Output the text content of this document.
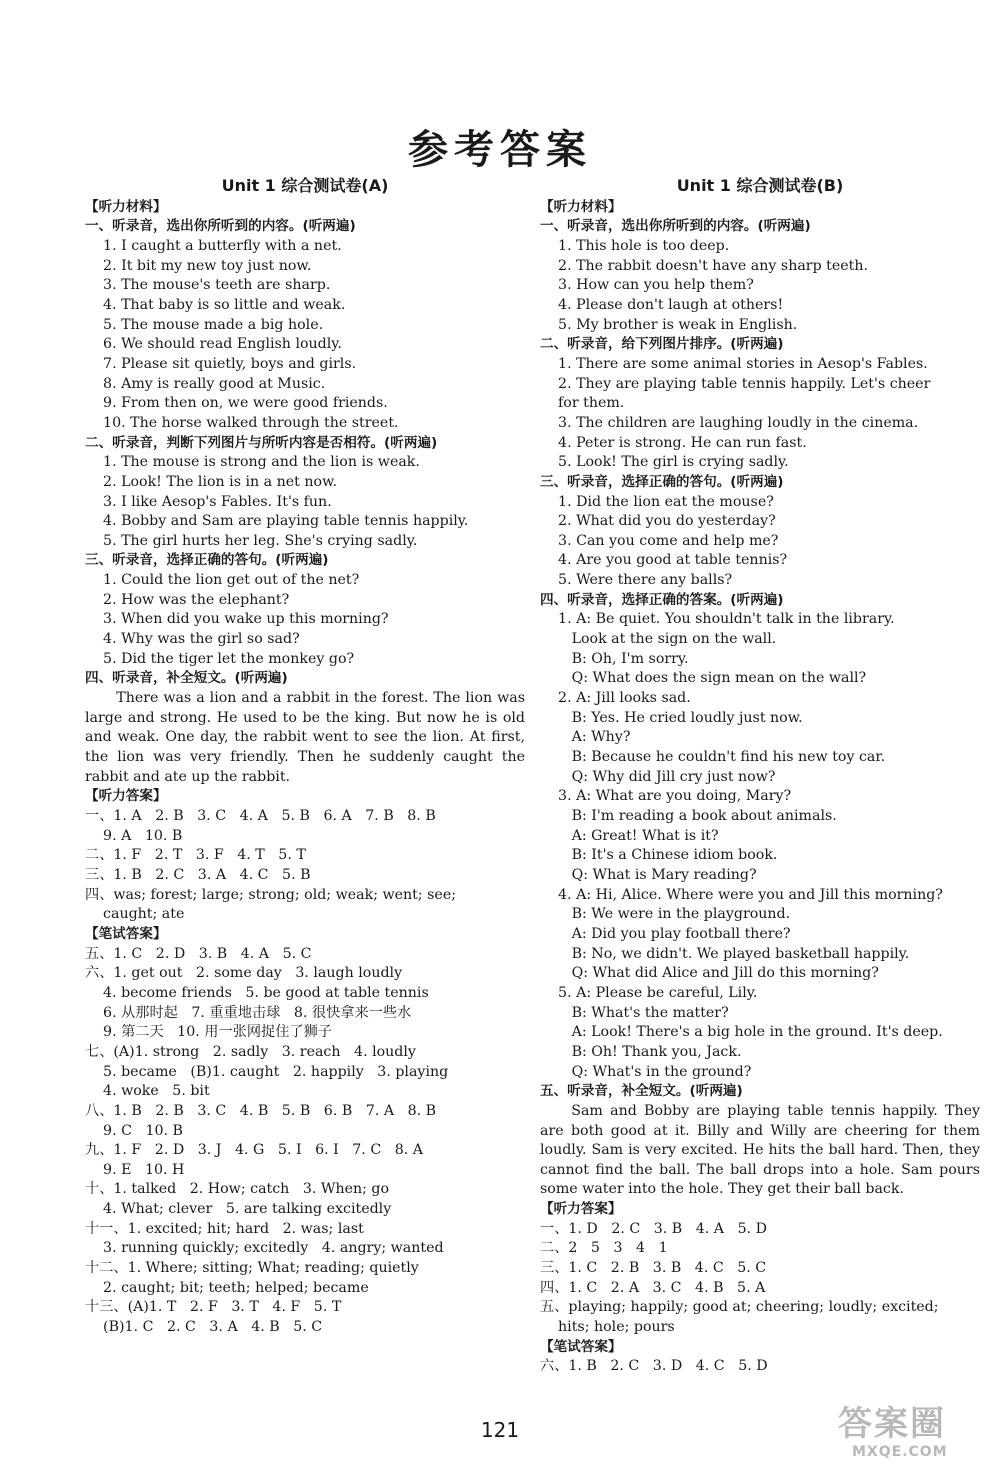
参考答案
Unit 1 综合测试卷(A)
【听力材料】
一、听录音，选出你所听到的内容。(听两遍)
1. I caught a butterfly with a net.
2. It bit my new toy just now.
3. The mouse's teeth are sharp.
4. That baby is so little and weak.
5. The mouse made a big hole.
6. We should read English loudly.
7. Please sit quietly, boys and girls.
8. Amy is really good at Music.
9. From then on, we were good friends.
10. The horse walked through the street.
二、听录音，判断下列图片与所听内容是否相符。(听两遍)
1. The mouse is strong and the lion is weak.
2. Look! The lion is in a net now.
3. I like Aesop's Fables. It's fun.
4. Bobby and Sam are playing table tennis happily.
5. The girl hurts her leg. She's crying sadly.
三、听录音，选择正确的答句。(听两遍)
1. Could the lion get out of the net?
2. How was the elephant?
3. When did you wake up this morning?
4. Why was the girl so sad?
5. Did the tiger let the monkey go?
四、听录音，补全短文。(听两遍)
There was a lion and a rabbit in the forest. The lion was large and strong. He used to be the king. But now he is old and weak. One day, the rabbit went to see the lion. At first, the lion was very friendly. Then he suddenly caught the rabbit and ate up the rabbit.
【听力答案】
一、1. A   2. B   3. C   4. A   5. B   6. A   7. B   8. B
9. A   10. B
二、1. F   2. T   3. F   4. T   5. T
三、1. B   2. C   3. A   4. C   5. B
四、was; forest; large; strong; old; weak; went; see;
caught; ate
【笔试答案】
五、1. C   2. D   3. B   4. A   5. C
六、1. get out   2. some day   3. laugh loudly
4. become friends   5. be good at table tennis
6. 从那时起   7. 重重地击球   8. 很快拿来一些水
9. 第二天   10. 用一张网捉住了狮子
七、(A)1. strong   2. sadly   3. reach   4. loudly
5. became   (B)1. caught   2. happily   3. playing
4. woke   5. bit
八、1. B   2. B   3. C   4. B   5. B   6. B   7. A   8. B
9. C   10. B
九、1. F   2. D   3. J   4. G   5. I   6. I   7. C   8. A
9. E   10. H
十、1. talked   2. How; catch   3. When; go
4. What; clever   5. are talking excitedly
十一、1. excited; hit; hard   2. was; last
3. running quickly; excitedly   4. angry; wanted
十二、1. Where; sitting; What; reading; quietly
2. caught; bit; teeth; helped; became
十三、(A)1. T   2. F   3. T   4. F   5. T
(B)1. C   2. C   3. A   4. B   5. C
Unit 1 综合测试卷(B)
【听力材料】
一、听录音，选出你所听到的内容。(听两遍)
1. This hole is too deep.
2. The rabbit doesn't have any sharp teeth.
3. How can you help them?
4. Please don't laugh at others!
5. My brother is weak in English.
二、听录音，给下列图片排序。(听两遍)
1. There are some animal stories in Aesop's Fables.
2. They are playing table tennis happily. Let's cheer
for them.
3. The children are laughing loudly in the cinema.
4. Peter is strong. He can run fast.
5. Look! The girl is crying sadly.
三、听录音，选择正确的答句。(听两遍)
1. Did the lion eat the mouse?
2. What did you do yesterday?
3. Can you come and help me?
4. Are you good at table tennis?
5. Were there any balls?
四、听录音，选择正确的答案。(听两遍)
1. A: Be quiet. You shouldn't talk in the library.
Look at the sign on the wall.
B: Oh, I'm sorry.
Q: What does the sign mean on the wall?
2. A: Jill looks sad.
B: Yes. He cried loudly just now.
A: Why?
B: Because he couldn't find his new toy car.
Q: Why did Jill cry just now?
3. A: What are you doing, Mary?
B: I'm reading a book about animals.
A: Great! What is it?
B: It's a Chinese idiom book.
Q: What is Mary reading?
4. A: Hi, Alice. Where were you and Jill this morning?
B: We were in the playground.
A: Did you play football there?
B: No, we didn't. We played basketball happily.
Q: What did Alice and Jill do this morning?
5. A: Please be careful, Lily.
B: What's the matter?
A: Look! There's a big hole in the ground. It's deep.
B: Oh! Thank you, Jack.
Q: What's in the ground?
五、听录音，补全短文。(听两遍)
Sam and Bobby are playing table tennis happily. They are both good at it. Billy and Willy are cheering for them loudly. Sam is very excited. He hits the ball hard. Then, they cannot find the ball. The ball drops into a hole. Sam pours some water into the hole. They get their ball back.
【听力答案】
一、1. D   2. C   3. B   4. A   5. D
二、2   5   3   4   1
三、1. C   2. B   3. B   4. C   5. C
四、1. C   2. A   3. C   4. B   5. A
五、playing; happily; good at; cheering; loudly; excited;
hits; hole; pours
【笔试答案】
六、1. B   2. C   3. D   4. C   5. D
121	答案圈
MXQE.COM
